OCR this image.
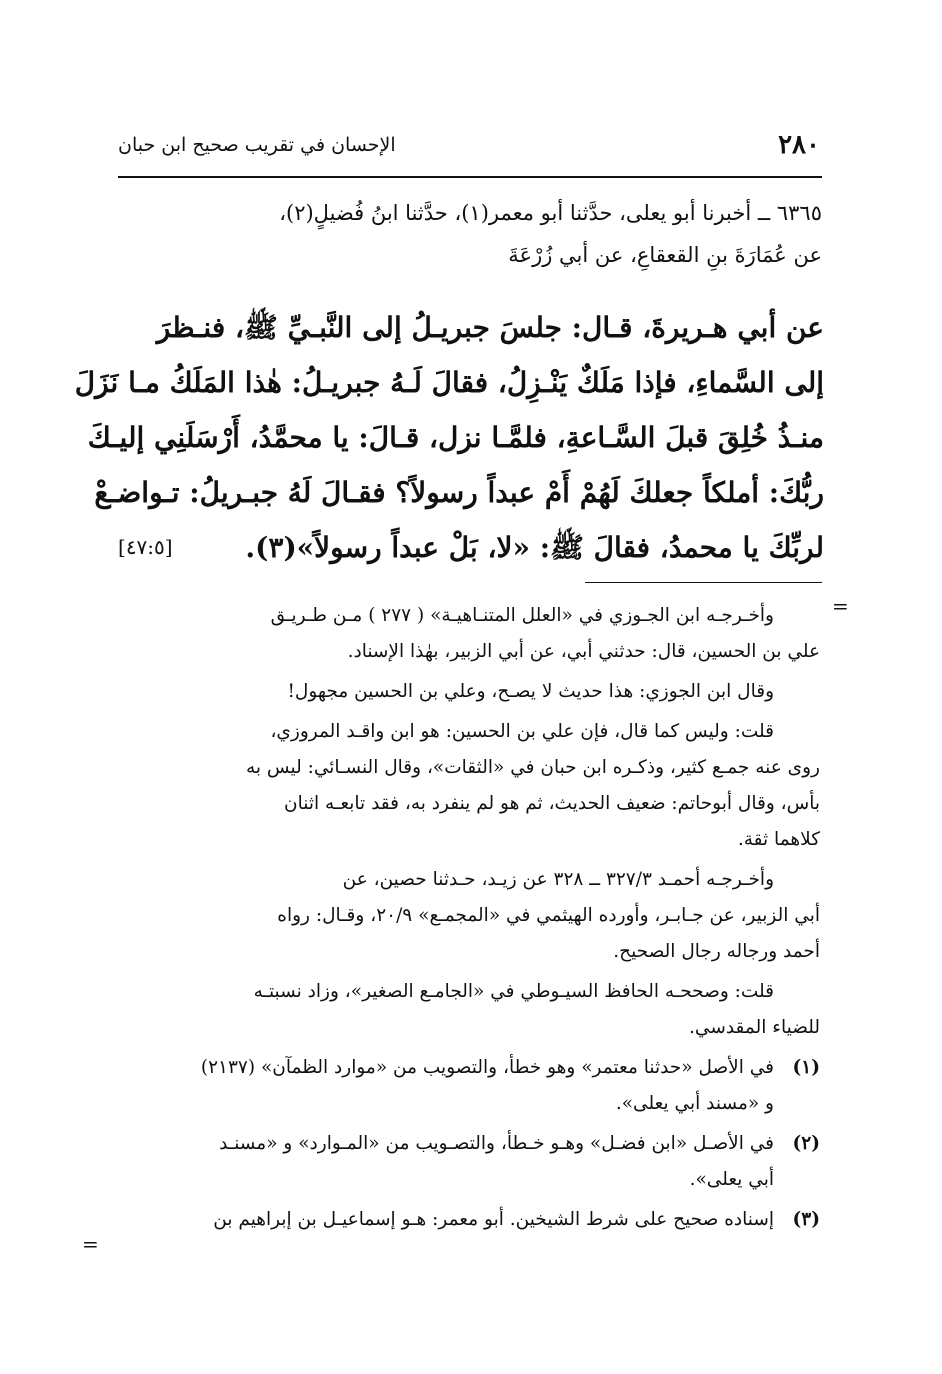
٢٨٠
الإحسان في تقريب صحيح ابن حبان
٦٣٦٥ ــ أخبرنا أبو يعلى، حدَّثنا أبو معمر(١)، حدَّثنا ابنُ فُضيلٍ(٢)،
عن عُمَارَةَ بنِ القعقاعِ، عن أبي زُرْعَةَ
عن أبي هـريرةَ، قـال: جلسَ جبريـلُ إلى النَّبـيِّ ﷺ، فنـظرَ
إلى السَّماءِ، فإذا مَلَكٌ يَنْـزِلُ، فقالَ لَـهُ جبريـلُ: هٰذا المَلَكُ مـا نَزَلَ
منـذُ خُلِقَ قبلَ السَّـاعةِ، فلمَّـا نزل، قـالَ: يا محمَّدُ، أَرْسَلَنِي إليـكَ
ربُّكَ: أملكاً جعلكَ لَهُمْ أَمْ عبداً رسولاً؟ فقـالَ لَهُ جبـريلُ: تـواضـعْ
لربِّكَ يا محمدُ، فقالَ ﷺ: «لا، بَلْ عبداً رسولاً»(٣).
[٤٧:٥]
=
وأخـرجـه ابن الجـوزي في «العلل المتنـاهيـة» ( ٢٧٧ ) مـن طـريـق
علي بن الحسين، قال: حدثني أبي، عن أبي الزبير، بهٰذا الإسناد.
وقال ابن الجوزي: هذا حديث لا يصـح، وعلي بن الحسين مجهول!
قلت: وليس كما قال، فإن علي بن الحسين: هو ابن واقـد المروزي،
روى عنه جمـع كثير، وذكـره ابن حبان في «الثقات»، وقال النسـائي: ليس به
بأس، وقال أبوحاتم: ضعيف الحديث، ثم هو لم ينفرد به، فقد تابعـه اثنان
كلاهما ثقة.
وأخـرجـه أحمـد ٣٢٧/٣ ــ ٣٢٨ عن زيـد، حـدثنا حصين، عن
أبي الزبير، عن جـابـر، وأورده الهيثمي في «المجمـع» ٢٠/٩، وقـال: رواه
أحمد ورجاله رجال الصحيح.
قلت: وصححـه الحافظ السيـوطي في «الجامـع الصغير»، وزاد نسبتـه
للضياء المقدسي.
(١)في الأصل «حدثنا معتمر» وهو خطأ، والتصويب من «موارد الظمآن» (٢١٣٧)
و «مسند أبي يعلى».
(٢)في الأصـل «ابن فضـل» وهـو خـطأ، والتصـويب من «المـوارد» و «مسنـد
أبي يعلى».
(٣)إسناده صحيح على شرط الشيخين. أبو معمر: هـو إسماعيـل بن إبراهيم بن
=
